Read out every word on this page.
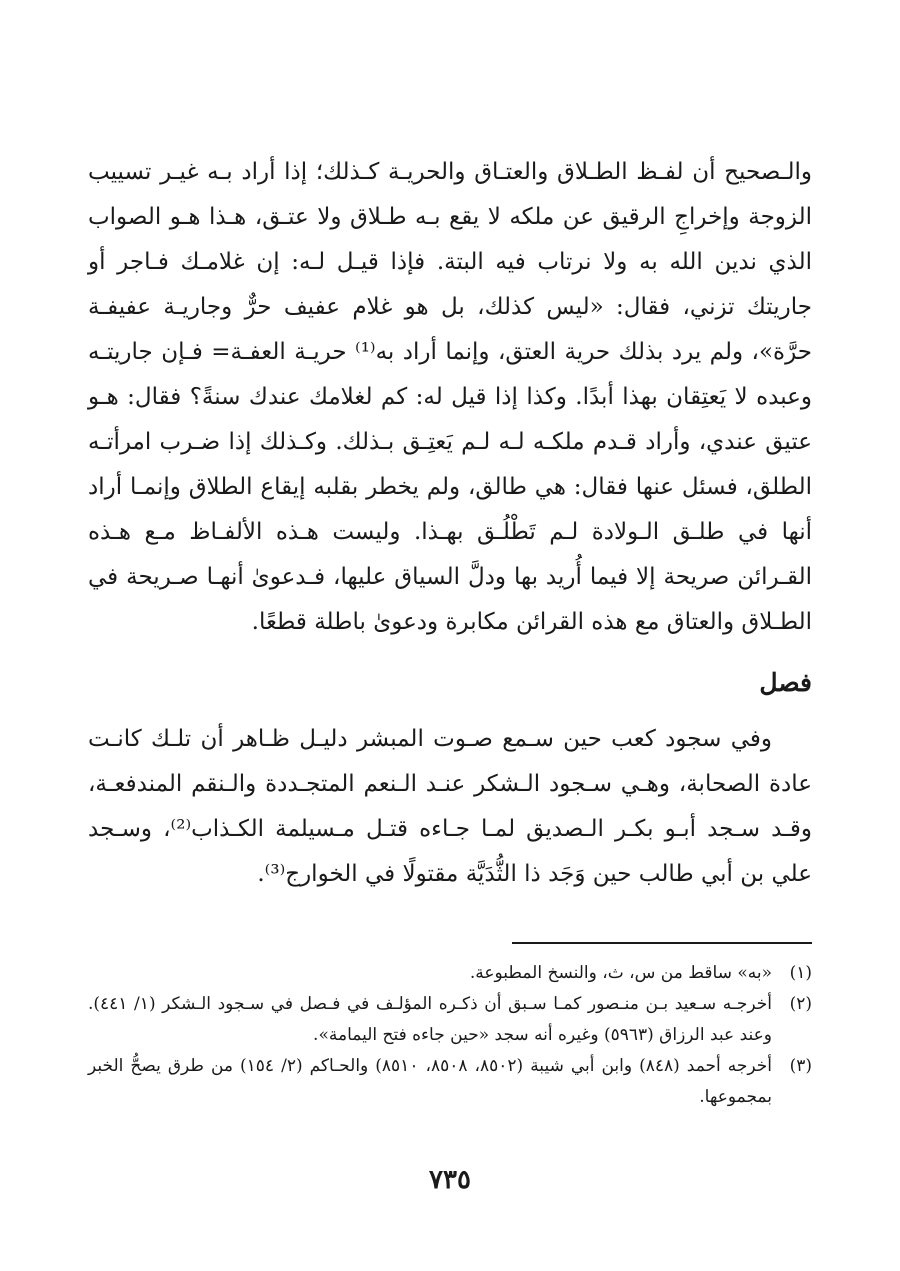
والـصحيح أن لفـظ الطـلاق والعتـاق والحريـة كـذلك؛ إذا أراد بـه غيـر تسييب الزوجة وإخراجِ الرقيق عن ملكه لا يقع بـه طـلاق ولا عتـق، هـذا هـو الصواب الذي ندين الله به ولا نرتاب فيه البتة. فإذا قيـل لـه: إن غلامـك فـاجر أو جاريتك تزني، فقال: «ليس كذلك، بل هو غلام عفيف حرٌّ وجاريـة عفيفـة حرَّة»، ولم يرد بذلك حرية العتق، وإنما أراد به⁽¹⁾ حريـة العفـة= فـإن جاريتـه وعبده لا يَعتِقان بهذا أبدًا. وكذا إذا قيل له: كم لغلامك عندك سنةً؟ فقال: هـو عتيق عندي، وأراد قـدم ملكـه لـه لـم يَعتِـق بـذلك. وكـذلك إذا ضـرب امرأتـه الطلق، فسئل عنها فقال: هي طالق، ولم يخطر بقلبه إيقاع الطلاق وإنمـا أراد أنها في طلـق الـولادة لـم تَطْلُـق بهـذا. وليست هـذه الألفـاظ مـع هـذه القـرائن صريحة إلا فيما أُريد بها ودلَّ السياق عليها، فـدعوىٰ أنهـا صـريحة في الطـلاق والعتاق مع هذه القرائن مكابرة ودعوىٰ باطلة قطعًا.

فصل

وفي سجود كعب حين سـمع صـوت المبشر دليـل ظـاهر أن تلـك كانـت عادة الصحابة، وهـي سـجود الـشكر عنـد الـنعم المتجـددة والـنقم المندفعـة، وقـد سـجد أبـو بكـر الـصديق لمـا جـاءه قتـل مـسيلمة الكـذاب⁽²⁾، وسـجد علي بن أبي طالب حين وَجَد ذا الثُّدَيَّة مقتولًا في الخوارج⁽³⁾.

(١)
«به» ساقط من س، ث، والنسخ المطبوعة.
(٢)
أخرجـه سـعيد بـن منـصور كمـا سـبق أن ذكـره المؤلـف في فـصل في سـجود الـشكر (١/ ٤٤١). وعند عبد الرزاق (٥٩٦٣) وغيره أنه سجد «حين جاءه فتح اليمامة».
(٣)
أخرجه أحمد (٨٤٨) وابن أبي شيبة (٨٥٠٢، ٨٥٠٨، ٨٥١٠) والحـاكم (٢/ ١٥٤) من طرق يصحُّ الخبر بمجموعها.
٧٣٥
